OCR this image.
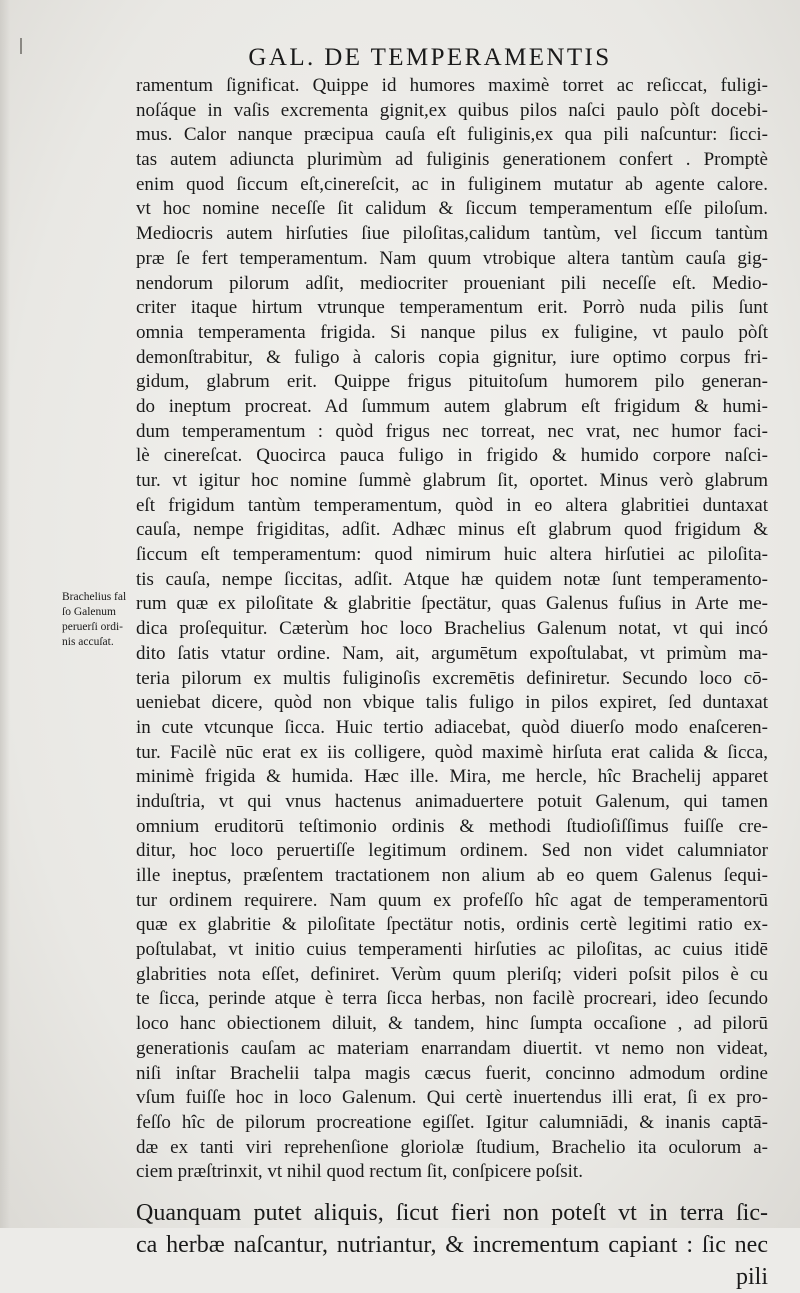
GAL. DE TEMPERAMENTIS
Brachelius fal
ſo Galenum
peruerſi ordi-
nis accuſat.
ramentum ſignificat. Quippe id humores maximè torret ac reſiccat, fuligi-
noſáque in vaſis excrementa gignit,ex quibus pilos naſci paulo pòſt docebi-
mus. Calor nanque præcipua cauſa eſt fuliginis,ex qua pili naſcuntur: ſicci-
tas autem adiuncta plurimùm ad fuliginis generationem confert . Promptè
enim quod ſiccum eſt,cinereſcit, ac in fuliginem mutatur ab agente calore.
vt hoc nomine neceſſe ſit calidum & ſiccum temperamentum eſſe piloſum.
Mediocris autem hirſuties ſiue piloſitas,calidum tantùm, vel ſiccum tantùm
præ ſe fert temperamentum. Nam quum vtrobique altera tantùm cauſa gig-
nendorum pilorum adſit, mediocriter proueniant pili neceſſe eſt. Medio-
criter itaque hirtum vtrunque temperamentum erit. Porrò nuda pilis ſunt
omnia temperamenta frigida. Si nanque pilus ex fuligine, vt paulo pòſt
demonſtrabitur, & fuligo à caloris copia gignitur, iure optimo corpus fri-
gidum, glabrum erit. Quippe frigus pituitoſum humorem pilo generan-
do ineptum procreat. Ad ſummum autem glabrum eſt frigidum & humi-
dum temperamentum : quòd frigus nec torreat, nec vrat, nec humor faci-
lè cinereſcat. Quocirca pauca fuligo in frigido & humido corpore naſci-
tur. vt igitur hoc nomine ſummè glabrum ſit, oportet. Minus verò glabrum
eſt frigidum tantùm temperamentum, quòd in eo altera glabritiei duntaxat
cauſa, nempe frigiditas, adſit. Adhæc minus eſt glabrum quod frigidum &
ſiccum eſt temperamentum: quod nimirum huic altera hirſutiei ac piloſita-
tis cauſa, nempe ſiccitas, adſit. Atque hæ quidem notæ ſunt temperamento-
rum quæ ex piloſitate & glabritie ſpectätur, quas Galenus fuſius in Arte me-
dica proſequitur. Cæterùm hoc loco Brachelius Galenum notat, vt qui incó
dito ſatis vtatur ordine. Nam, ait, argumētum expoſtulabat, vt primùm ma-
teria pilorum ex multis fuliginoſis excremētis definiretur. Secundo loco cō-
ueniebat dicere, quòd non vbique talis fuligo in pilos expiret, ſed duntaxat
in cute vtcunque ſicca. Huic tertio adiacebat, quòd diuerſo modo enaſceren-
tur. Facilè nūc erat ex iis colligere, quòd maximè hirſuta erat calida & ſicca,
minimè frigida & humida. Hæc ille. Mira, me hercle, hîc Brachelij apparet
induſtria, vt qui vnus hactenus animaduertere potuit Galenum, qui tamen
omnium eruditorū teſtimonio ordinis & methodi ſtudioſiſſimus fuiſſe cre-
ditur, hoc loco peruertiſſe legitimum ordinem. Sed non videt calumniator
ille ineptus, præſentem tractationem non alium ab eo quem Galenus ſequi-
tur ordinem requirere. Nam quum ex profeſſo hîc agat de temperamentorū
quæ ex glabritie & piloſitate ſpectätur notis, ordinis certè legitimi ratio ex-
poſtulabat, vt initio cuius temperamenti hirſuties ac piloſitas, ac cuius itidē
glabrities nota eſſet, definiret. Verùm quum pleriſq; videri poſsit pilos è cu
te ſicca, perinde atque è terra ſicca herbas, non facilè procreari, ideo ſecundo
loco hanc obiectionem diluit, & tandem, hinc ſumpta occaſione , ad pilorū
generationis cauſam ac materiam enarrandam diuertit. vt nemo non videat,
niſi inſtar Brachelii talpa magis cæcus fuerit, concinno admodum ordine
vſum fuiſſe hoc in loco Galenum. Qui certè inuertendus illi erat, ſi ex pro-
feſſo hîc de pilorum procreatione egiſſet. Igitur calumniādi, & inanis captā-
dæ ex tanti viri reprehenſione gloriolæ ſtudium, Brachelio ita oculorum a-
ciem præſtrinxit, vt nihil quod rectum ſit, conſpicere poſsit.
Quanquam putet aliquis, ſicut fieri non poteſt vt in terra ſic-
ca herbæ naſcantur, nutriantur, & incrementum capiant : ſic nec
pili
